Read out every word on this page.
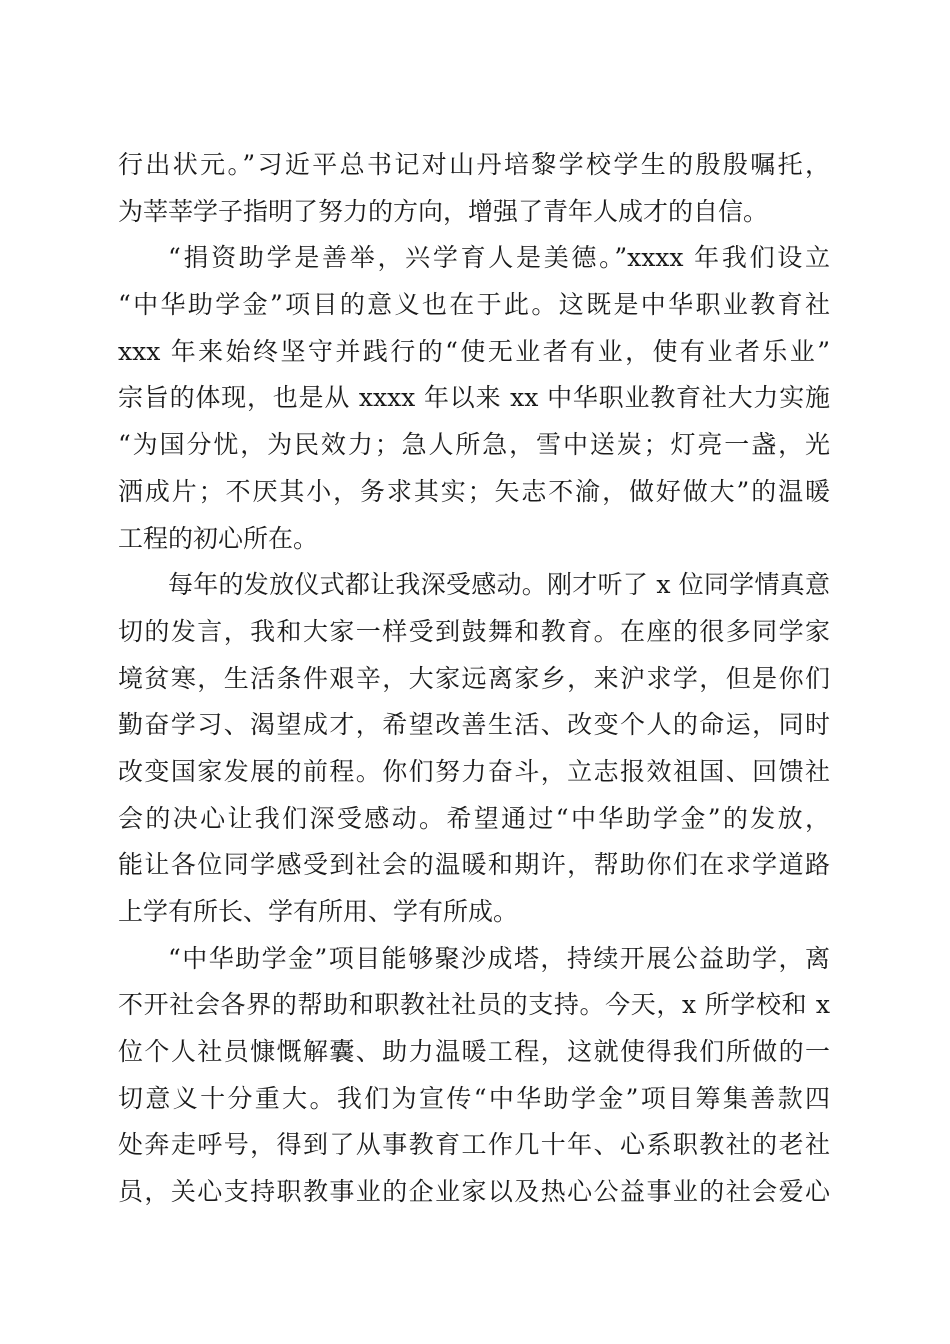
行出状元。”习近平总书记对山丹培黎学校学生的殷殷嘱托，
为莘莘学子指明了努力的方向，增强了青年人成才的自信。

“捐资助学是善举，兴学育人是美德。”xxxx 年我们设立
“中华助学金”项目的意义也在于此。这既是中华职业教育社
xxx 年来始终坚守并践行的“使无业者有业，使有业者乐业”
宗旨的体现，也是从 xxxx 年以来 xx 中华职业教育社大力实施
“为国分忧，为民效力；急人所急，雪中送炭；灯亮一盏，光
洒成片；不厌其小，务求其实；矢志不渝，做好做大”的温暖
工程的初心所在。

每年的发放仪式都让我深受感动。刚才听了 x 位同学情真意
切的发言，我和大家一样受到鼓舞和教育。在座的很多同学家
境贫寒，生活条件艰辛，大家远离家乡，来沪求学，但是你们
勤奋学习、渴望成才，希望改善生活、改变个人的命运，同时
改变国家发展的前程。你们努力奋斗，立志报效祖国、回馈社
会的决心让我们深受感动。希望通过“中华助学金”的发放，
能让各位同学感受到社会的温暖和期许，帮助你们在求学道路
上学有所长、学有所用、学有所成。

“中华助学金”项目能够聚沙成塔，持续开展公益助学，离
不开社会各界的帮助和职教社社员的支持。今天，x 所学校和 x
位个人社员慷慨解囊、助力温暖工程，这就使得我们所做的一
切意义十分重大。我们为宣传“中华助学金”项目筹集善款四
处奔走呼号，得到了从事教育工作几十年、心系职教社的老社
员，关心支持职教事业的企业家以及热心公益事业的社会爱心
